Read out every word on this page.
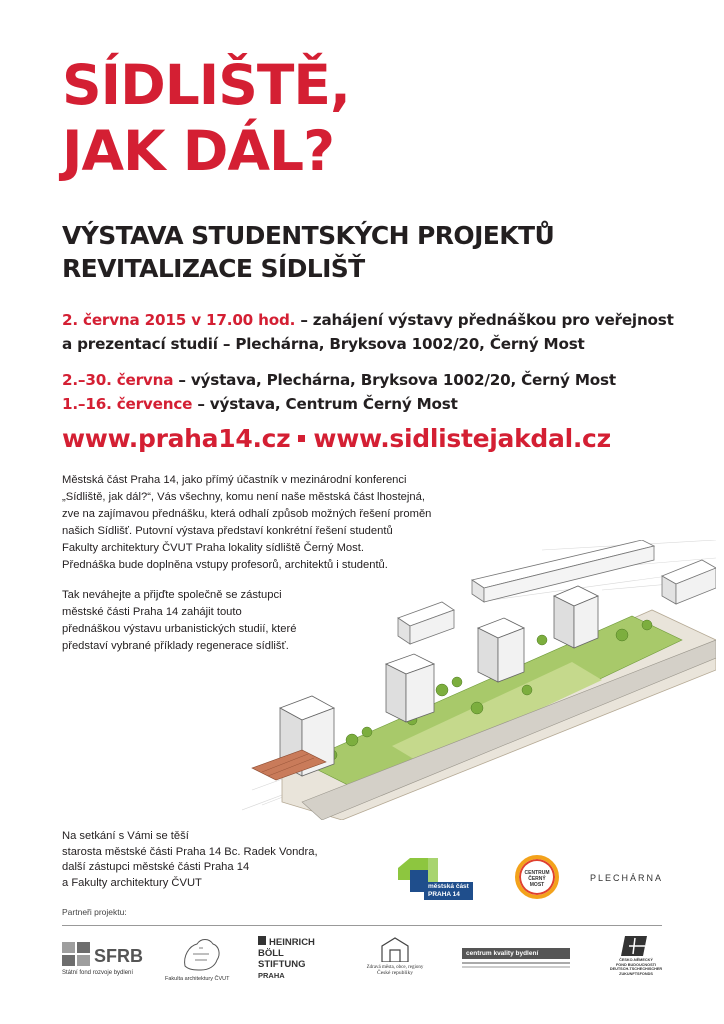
SÍDLIŠTĚ,
JAK DÁL?
VÝSTAVA STUDENTSKÝCH PROJEKTŮ
REVITALIZACE SÍDLIŠŤ
2. června 2015 v 17.00 hod. – zahájení výstavy přednáškou pro veřejnost
a prezentací studií – Plechárna, Bryksova 1002/20, Černý Most
2.–30. června – výstava, Plechárna, Bryksova 1002/20, Černý Most
1.–16. července – výstava, Centrum Černý Most
www.praha14.cz www.sidlistejakdal.cz
Městská část Praha 14, jako přímý účastník v mezinárodní konferenci
„Sídliště, jak dál?“, Vás všechny, komu není naše městská část lhostejná,
zve na zajímavou přednášku, která odhalí způsob možných řešení proměn
našich Sídlišť. Putovní výstava představí konkrétní řešení studentů
Fakulty architektury ČVUT Praha lokality sídliště Černý Most.
Přednáška bude doplněna vstupy profesorů, architektů i studentů.
Tak neváhejte a přijďte společně se zástupci
městské části Praha 14 zahájit touto
přednáškou výstavu urbanistických studií, které
představí vybrané příklady regenerace sídlišť.
Na setkání s Vámi se těší
starosta městské části Praha 14 Bc. Radek Vondra,
další zástupci městské části Praha 14
a Fakulty architektury ČVUT	městská část
PRAHA 14
CENTRUM
ČERNÝ
MOST
PLECHÁRNA
Partneři projektu:
SFRB
Státní fond rozvoje bydlení
Fakulta architektury ČVUT
HEINRICH
BÖLL
STIFTUNG
PRAHA
Zdravá města, obce, regiony
České republiky
centrum kvality bydlení
ČESKO-NĚMECKÝ
FOND BUDOUCNOSTI
DEUTSCH-TSCHECHISCHER
ZUKUNFTSFONDS
